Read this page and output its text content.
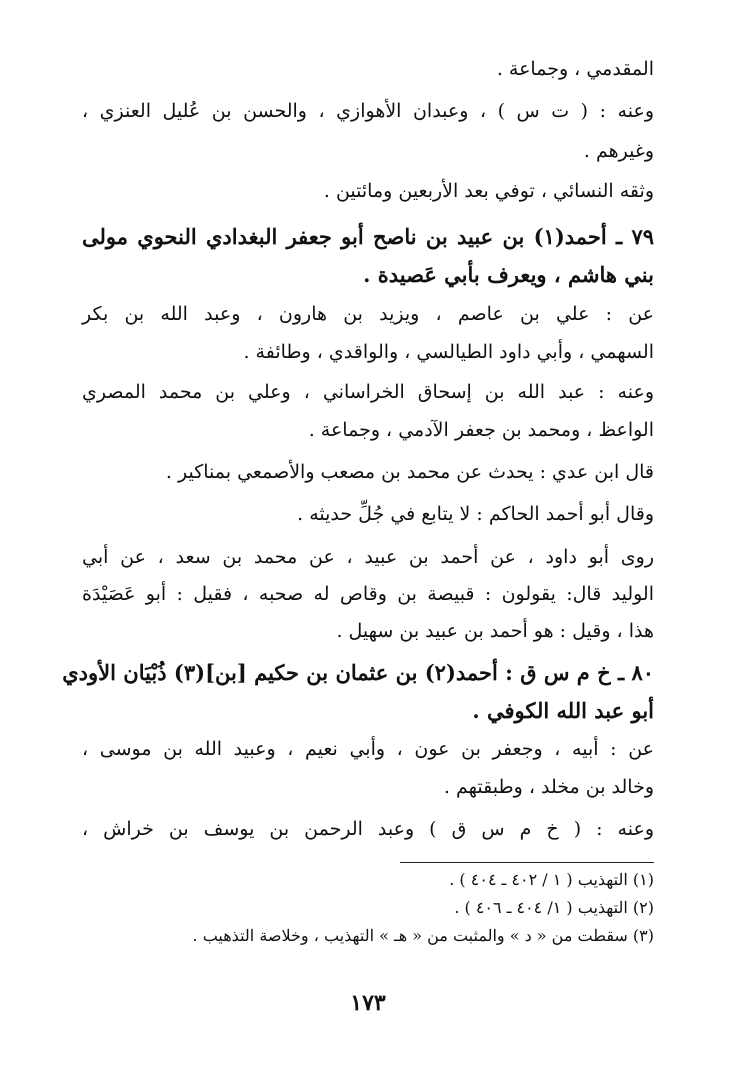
المقدمي ، وجماعة .
وعنه : ( ت س ) ، وعبدان الأهوازي ، والحسن بن عُليل العنزي ،
وغيرهم .
وثقه النسائي ، توفي بعد الأربعين ومائتين .
٧٩ ـ أحمد(١) بن عبيد بن ناصح أبو جعفر البغدادي النحوي مولى
بني هاشم ، ويعرف بأبي عَصيدة .
عن : علي بن عاصم ، ويزيد بن هارون ، وعبد الله بن بكر
السهمي ، وأبي داود الطيالسي ، والواقدي ، وطائفة .
وعنه : عبد الله بن إسحاق الخراساني ، وعلي بن محمد المصري
الواعظ ، ومحمد بن جعفر الآدمي ، وجماعة .
قال ابن عدي : يحدث عن محمد بن مصعب والأصمعي بمناكير .
وقال أبو أحمد الحاكم : لا يتابع في جُلِّ حديثه .
روى أبو داود ، عن أحمد بن عبيد ، عن محمد بن سعد ، عن أبي
الوليد قال: يقولون : قبيصة بن وقاص له صحبه ، فقيل : أبو عَصَيْدَة
هذا ، وقيل : هو أحمد بن عبيد بن سهيل .
٨٠ ـ خ م س ق : أحمد(٢) بن عثمان بن حكيم [بن](٣) ذُبْيَان الأودي
أبو عبد الله الكوفي .
عن : أبيه ، وجعفر بن عون ، وأبي نعيم ، وعبيد الله بن موسى ،
وخالد بن مخلد ، وطبقتهم .
وعنه : ( خ م س ق ) وعبد الرحمن بن يوسف بن خراش ،
(١) التهذيب ( ١ / ٤٠٢ ـ ٤٠٤ ) .
(٢) التهذيب ( ١/ ٤٠٤ ـ ٤٠٦ ) .
(٣) سقطت من « د » والمثبت من « هـ » التهذيب ، وخلاصة التذهيب .
١٧٣
